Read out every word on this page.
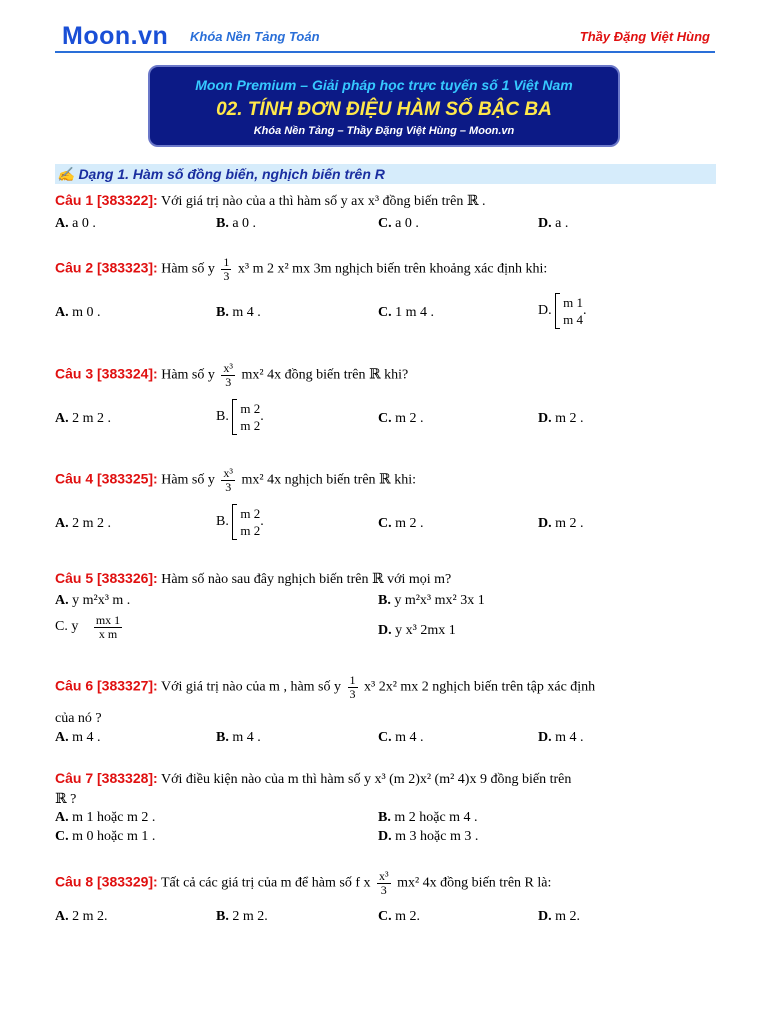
Moon.vn Khóa Nền Tảng Toán	Thầy Đặng Việt Hùng
Moon Premium – Giải pháp học trực tuyến số 1 Việt Nam
02. TÍNH ĐƠN ĐIỆU HÀM SỐ BẬC BA
Khóa Nền Tảng – Thầy Đặng Việt Hùng – Moon.vn
✍ Dạng 1. Hàm số đồng biến, nghịch biến trên R
Câu 1 [383322]: Với giá trị nào của a thì hàm số y ax x³ đồng biến trên ℝ .
A. a 0 .	B. a 0 .	C. a 0 .	D. a .
Câu 2 [383323]: Hàm số y $\frac{1}{3} x^3$ m 2 x² mx 3m nghịch biến trên khoảng xác định khi:
A. m 0 .	B. m 4 .	C. 1 m 4 .	D.
m 1
m 4
.
Câu 3 [383324]: Hàm số y $\frac{\text{x³}}{3} mx^2$ 4x đồng biến trên ℝ khi?
A. 2 m 2 .	B.
m 2
m 2
.	C. m 2 .	D. m 2 .
Câu 4 [383325]: Hàm số y $\frac{\text{x³}}{3} mx^2$ 4x nghịch biến trên ℝ khi:
A. 2 m 2 .	B.
m 2
m 2
.	C. m 2 .	D. m 2 .
Câu 5 [383326]: Hàm số nào sau đây nghịch biến trên ℝ với mọi m?
A. y m²x³ m .	B. y m²x³ mx² 3x 1
C. y $\frac{mx 1}{\text{x m}}$	D. y x³ 2mx 1
Câu 6 [383327]: Với giá trị nào của m , hàm số y $\frac{1}{3} x^3$ 2x² mx 2 nghịch biến trên tập xác định
của nó ?
A. m 4 .	B. m 4 .	C. m 4 .	D. m 4 .
Câu 7 [383328]: Với điều kiện nào của m thì hàm số y x³ (m 2)x² (m² 4)x 9 đồng biến trên
ℝ ?
A. m 1 hoặc m 2 .	B. m 2 hoặc m 4 .
C. m 0 hoặc m 1 .	D. m 3 hoặc m 3 .
Câu 8 [383329]: Tất cả các giá trị của m để hàm số f x $\frac{\text{x³}}{3} mx^2$ 4x đồng biến trên R là:
A. 2 m 2.	B. 2 m 2.	C. m 2.	D. m 2.
